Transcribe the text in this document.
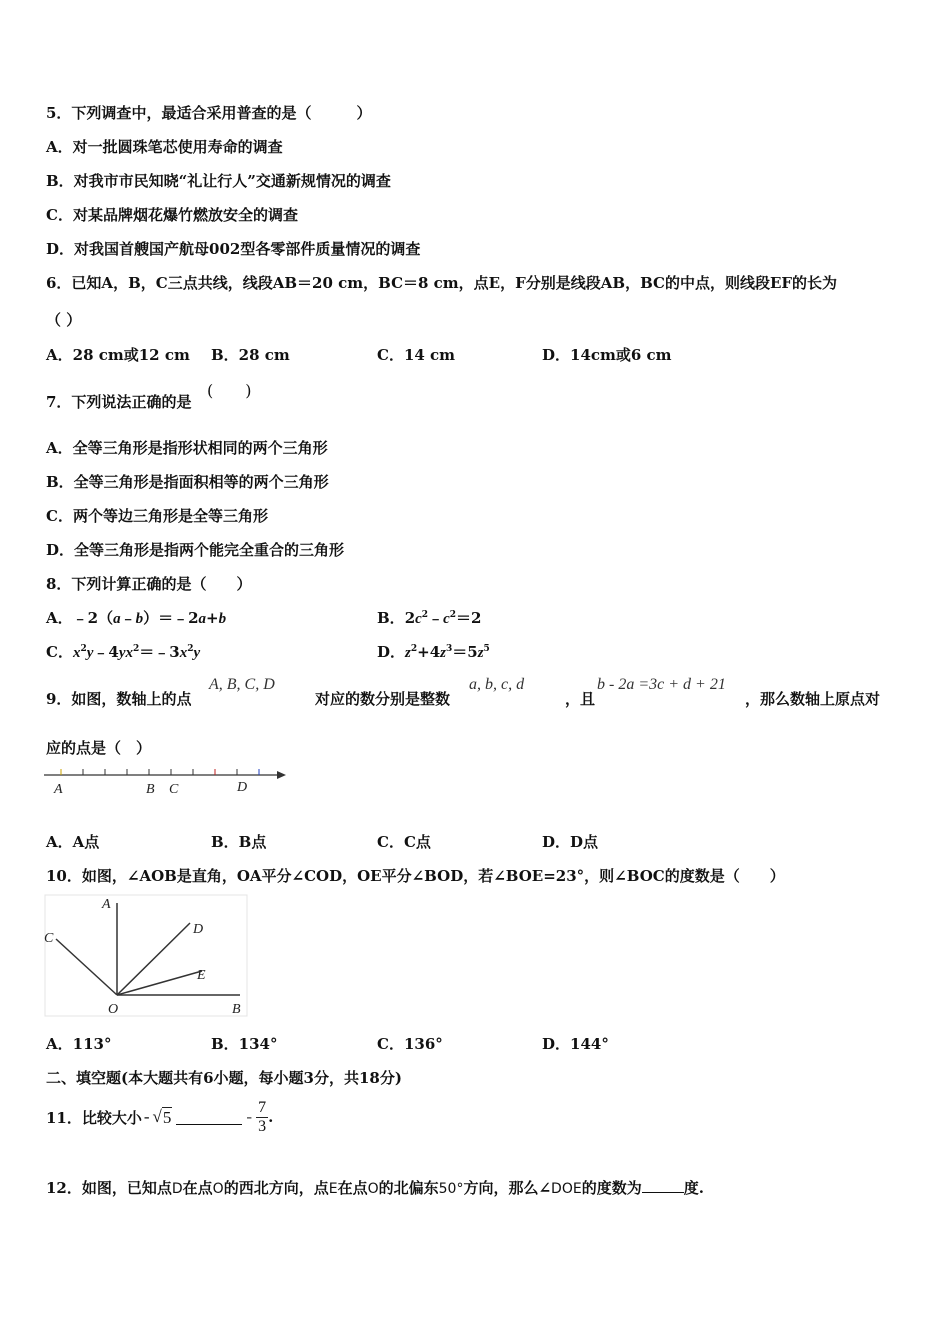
5．下列调查中，最适合采用普查的是（　　　）
A．对一批圆珠笔芯使用寿命的调查
B．对我市市民知晓“礼让行人”交通新规情况的调查
C．对某品牌烟花爆竹燃放安全的调查
D．对我国首艘国产航母002型各零部件质量情况的调查
6．已知A，B，C三点共线，线段AB＝20 cm，BC＝8 cm，点E，F分别是线段AB，BC的中点，则线段EF的长为
（ ）
A．28 cm或12 cm B．28 cm	C．14 cm	D．14cm或6 cm
7．下列说法正确的是
(　　)
A．全等三角形是指形状相同的两个三角形
B．全等三角形是指面积相等的两个三角形
C．两个等边三角形是全等三角形
D．全等三角形是指两个能完全重合的三角形
8．下列计算正确的是（　　）
A．﹣2（a﹣b）＝﹣2a+b	B．$2c^2﹣c^2=2$
C．$x^2y﹣4yx^2=﹣3x^2y$	D．$z^2+4z^3=5z^5$
9．如图，数轴上的点
A, B, C, D
对应的数分别是整数
a, b, c, d
，且
b - 2a =3c + d + 21
，那么数轴上原点对
应的点是（　）
A	B C	D
A．A点	B．B点	C．C点	D．D点
10．如图，∠AOB是直角，OA平分∠COD，OE平分∠BOD，若∠BOE=23°，则∠BOC的度数是（　　）
A
C
D
E
O	B
A．113°	B．134°	C．136°	D．144°
二、填空题(本大题共有6小题，每小题3分，共18分)
11．比较大小 - √ 5	- $\frac{7}{3}$ .
12．如图，已知点D在点O的西北方向，点E在点O的北偏东50°方向，那么∠DOE的度数为	度.
